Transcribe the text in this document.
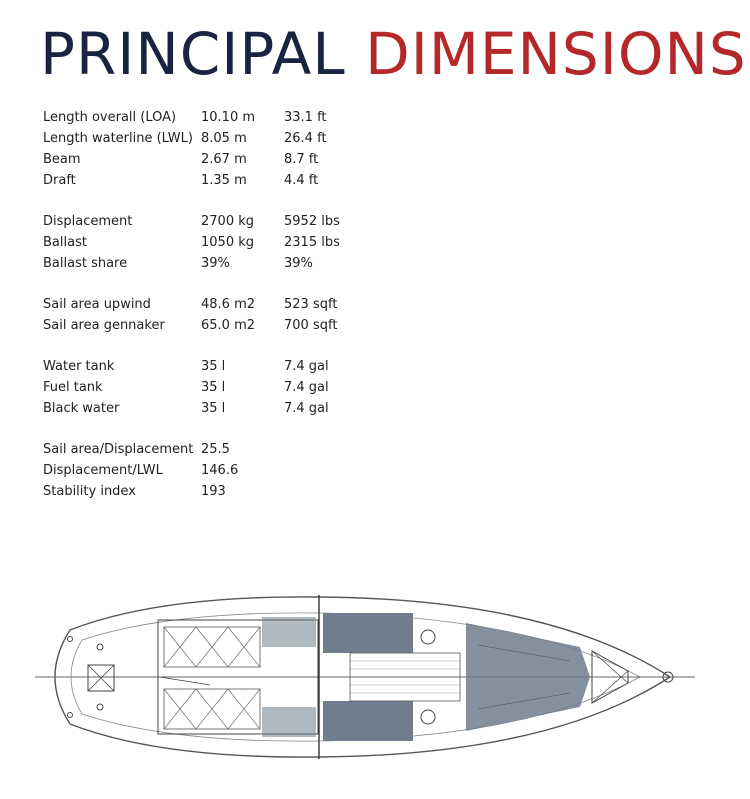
PRINCIPAL DIMENSIONS
Length overall (LOA)	10.10 m	33.1 ft
Length waterline (LWL) 8.05 m	26.4 ft
Beam	2.67 m	8.7 ft
Draft	1.35 m	4.4 ft
Displacement	2700 kg	5952 lbs
Ballast	1050 kg	2315 lbs
Ballast share	39%	39%
Sail area upwind	48.6 m2	523 sqft
Sail area gennaker	65.0 m2	700 sqft
Water tank	35 l	7.4 gal
Fuel tank	35 l	7.4 gal
Black water	35 l	7.4 gal
Sail area/Displacement 25.5
Displacement/LWL	146.6
Stability index	193
